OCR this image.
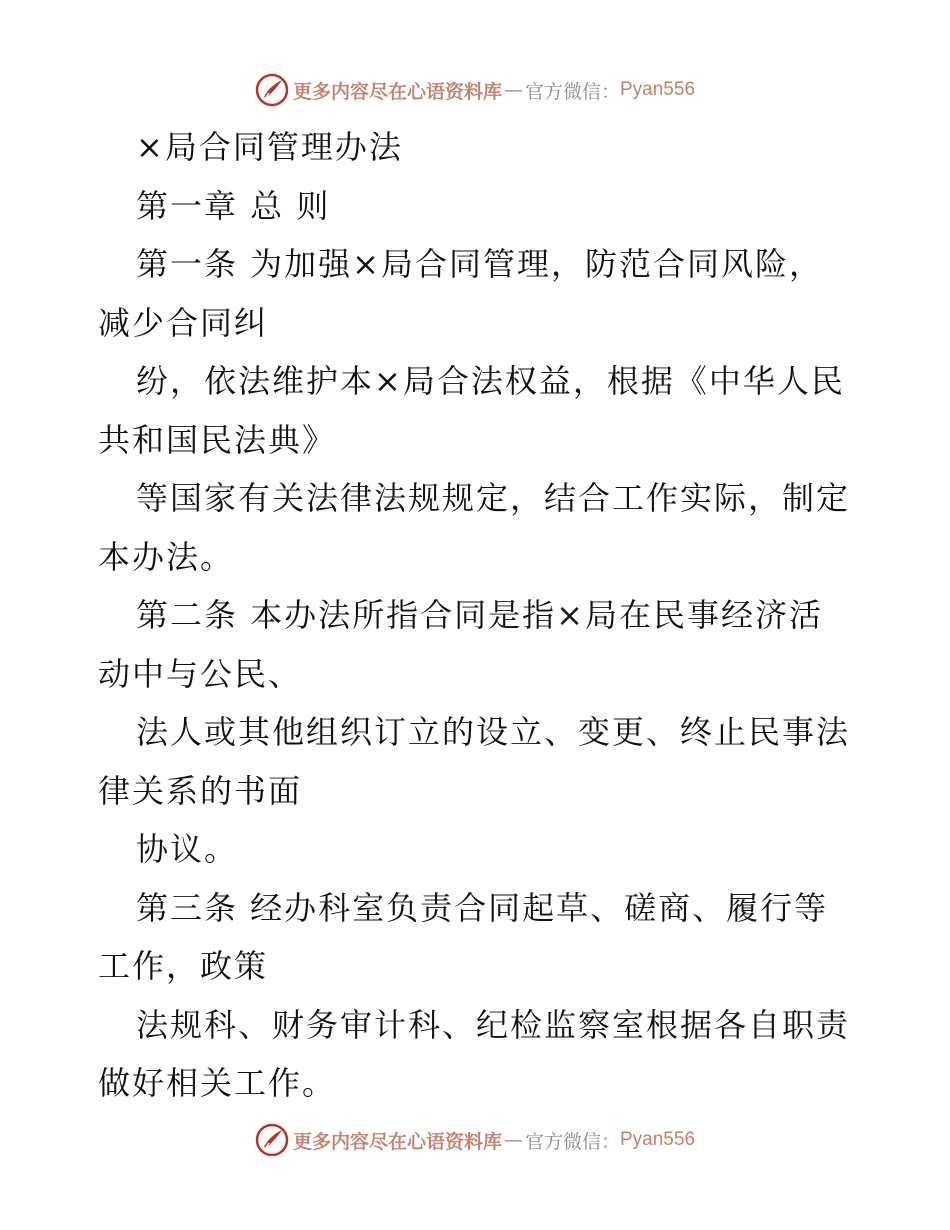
更多内容尽在心语资料库 — 官方微信： Pyan556
×局合同管理办法
第一章 总 则
第一条 为加强×局合同管理，防范合同风险，
减少合同纠
纷，依法维护本×局合法权益，根据《中华人民
共和国民法典》
等国家有关法律法规规定，结合工作实际，制定
本办法。
第二条 本办法所指合同是指×局在民事经济活
动中与公民、
法人或其他组织订立的设立、变更、终止民事法
律关系的书面
协议。
第三条 经办科室负责合同起草、磋商、履行等
工作，政策
法规科、财务审计科、纪检监察室根据各自职责
做好相关工作。
更多内容尽在心语资料库 — 官方微信： Pyan556
